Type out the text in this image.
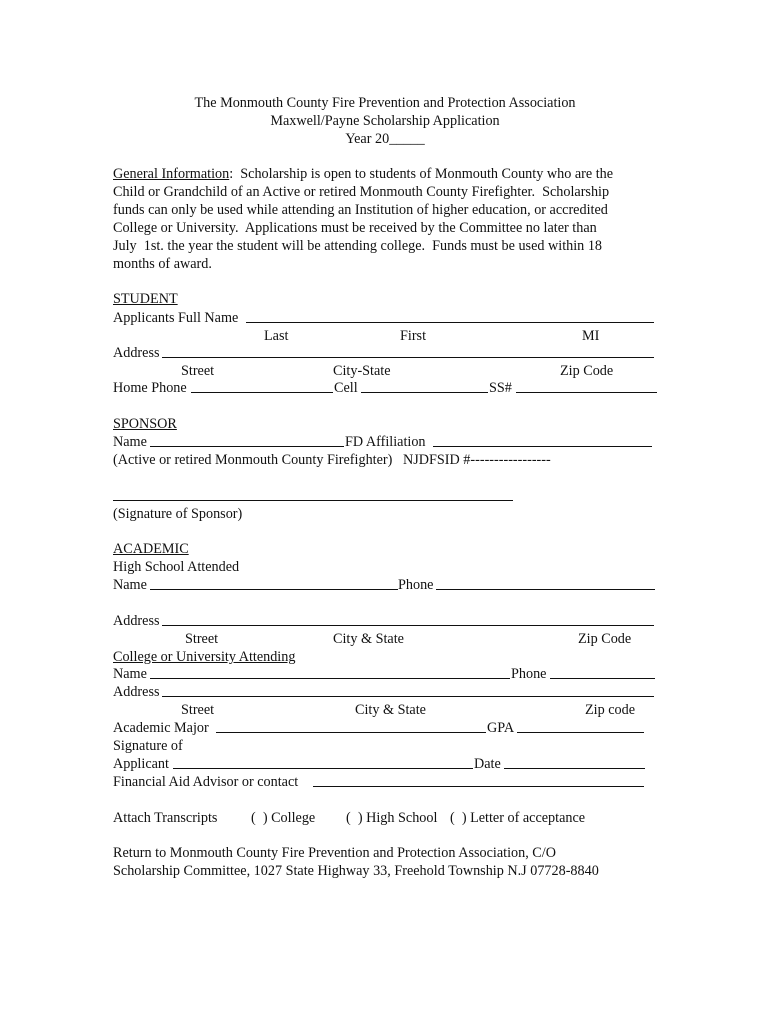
The Monmouth County Fire Prevention and Protection Association
Maxwell/Payne Scholarship Application
Year 20_____
General Information:  Scholarship is open to students of Monmouth County who are the
Child or Grandchild of an Active or retired Monmouth County Firefighter.  Scholarship
funds can only be used while attending an Institution of higher education, or accredited
College or University.  Applications must be received by the Committee no later than
July  1st. the year the student will be attending college.  Funds must be used within 18
months of award.
STUDENT
Applicants Full Name
Last	First	MI
Address
Street	City-State	Zip Code
Home Phone	Cell	SS#
SPONSOR
Name	FD Affiliation
(Active or retired Monmouth County Firefighter)   NJDFSID #-----------------
(Signature of Sponsor)
ACADEMIC
High School Attended
Name	Phone
Address
Street	City & State	Zip Code
College or University Attending
Name	Phone
Address
Street	City & State	Zip code
Academic Major	GPA
Signature of
Applicant	Date
Financial Aid Advisor or contact
Attach Transcripts (  ) College (  ) High School (  ) Letter of acceptance
Return to Monmouth County Fire Prevention and Protection Association, C/O
Scholarship Committee, 1027 State Highway 33, Freehold Township N.J 07728-8840
